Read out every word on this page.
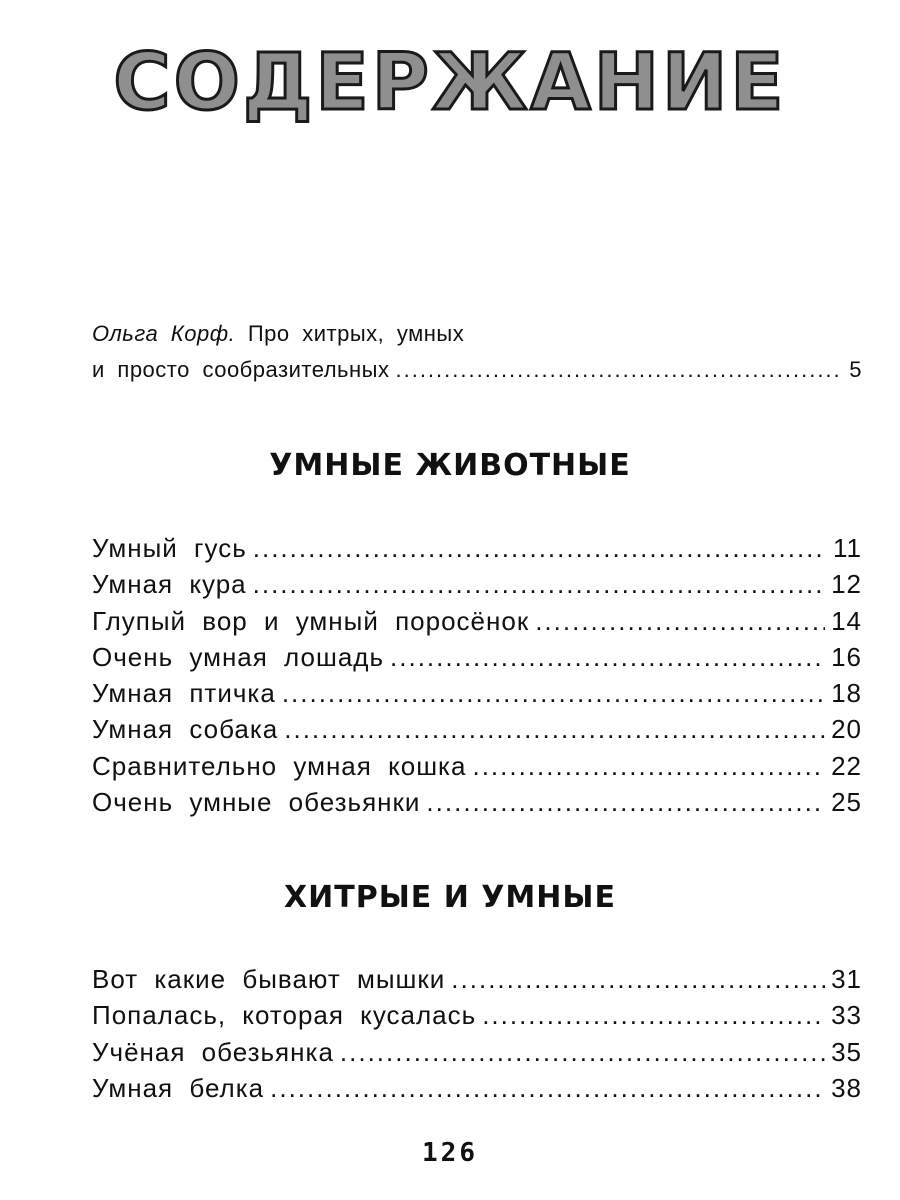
СОДЕРЖАНИЕ
Ольга Корф. Про хитрых, умных
и просто сообразительных .....	5
УМНЫЕ ЖИВОТНЫЕ
Умный гусь .....	11
Умная кура .....	12
Глупый вор и умный поросёнок .....	14
Очень умная лошадь .....	16
Умная птичка .....	18
Умная собака .....	20
Сравнительно умная кошка .....	22
Очень умные обезьянки .....	25
ХИТРЫЕ И УМНЫЕ
Вот какие бывают мышки .....	31
Попалась, которая кусалась .....	33
Учёная обезьянка .....	35
Умная белка .....	38
126
